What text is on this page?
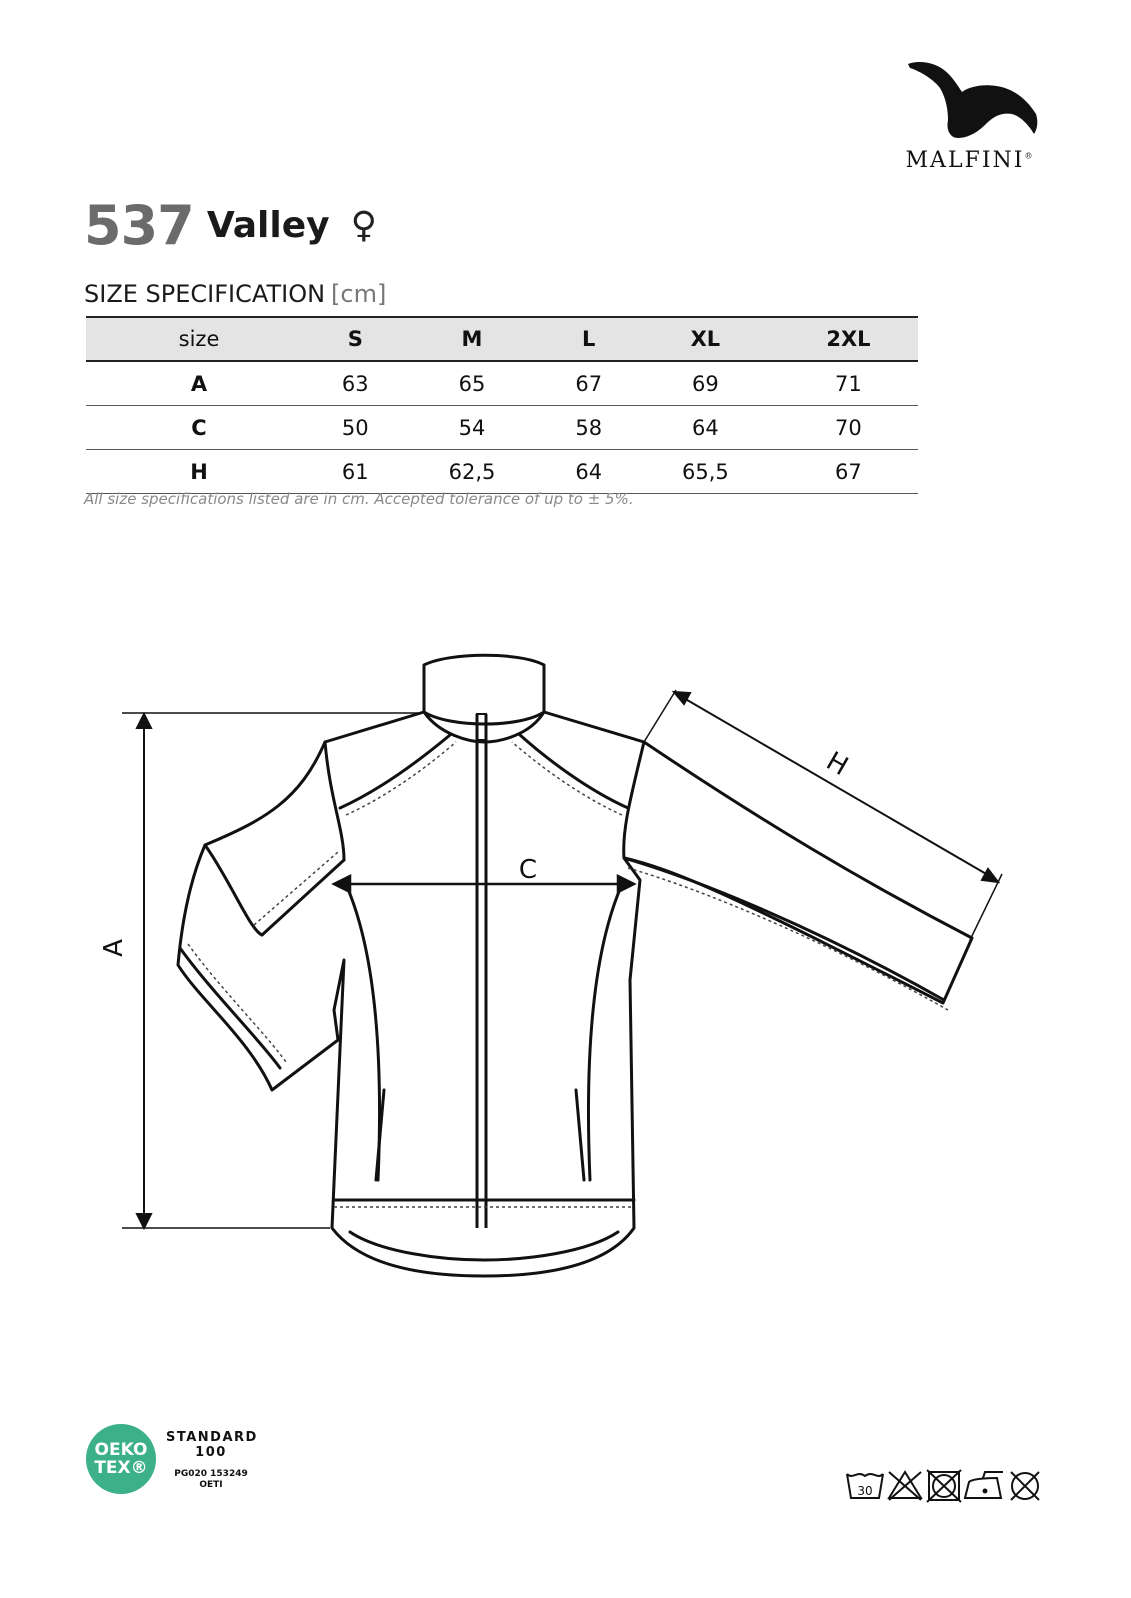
MALFINI®
537 Valley ♀
SIZE SPECIFICATION [cm]
size	S	M	L	XL	2XL
A	63	65	67	69	71
C	50	54	58	64	70
H	61	62,5	64	65,5	67
All size specifications listed are in cm. Accepted tolerance of up to ± 5%.
A
C
H
OEKO
TEX®
STANDARD
100
PG020 153249
OETI	30
